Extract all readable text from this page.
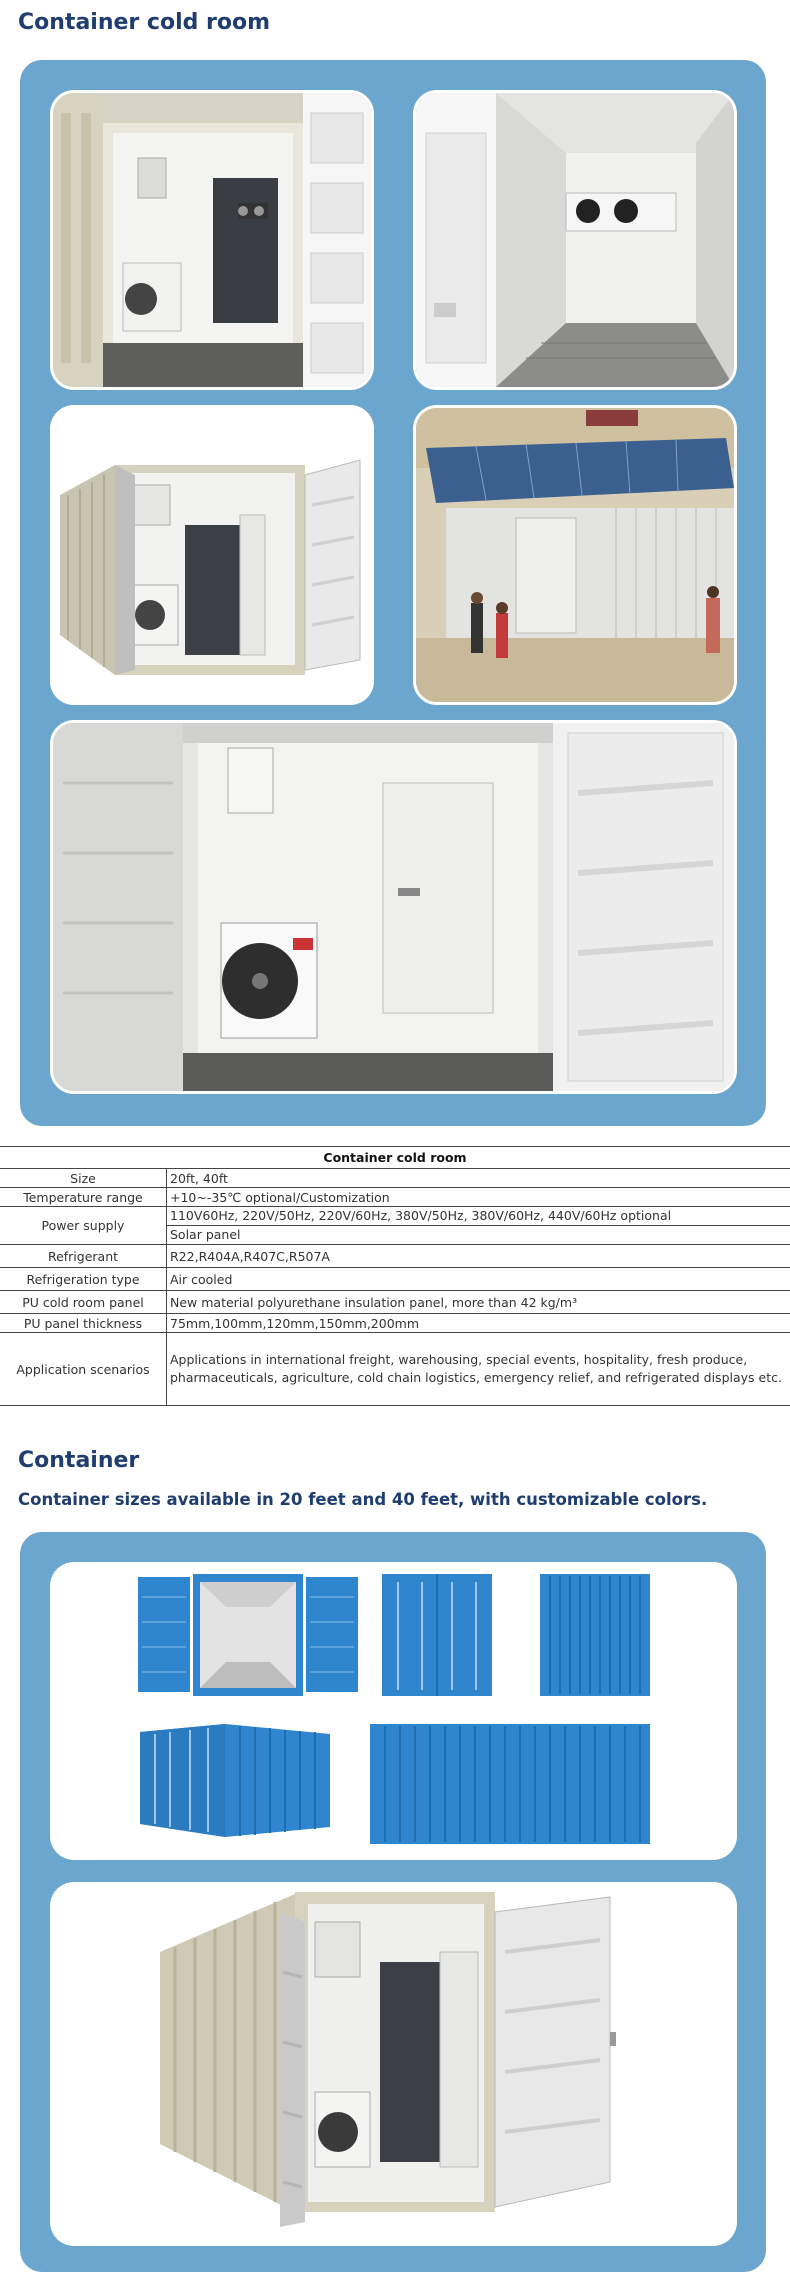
Container cold room
Container cold room	
Size	20ft, 40ft
Temperature range	+10~-35℃ optional/Customization
Power supply	110V60Hz, 220V/50Hz, 220V/60Hz, 380V/50Hz, 380V/60Hz, 440V/60Hz optional
Solar panel

Refrigerant	R22,R404A,R407C,R507A
Refrigeration type	Air cooled
PU cold room panel	New material polyurethane insulation panel, more than 42 kg/m³
PU panel thickness	75mm,100mm,120mm,150mm,200mm
Application scenarios	Applications in international freight, warehousing, special events, hospitality, fresh produce, pharmaceuticals, agriculture, cold chain logistics, emergency relief, and refrigerated displays etc.
Container
Container sizes available in 20 feet and 40 feet, with customizable colors.
